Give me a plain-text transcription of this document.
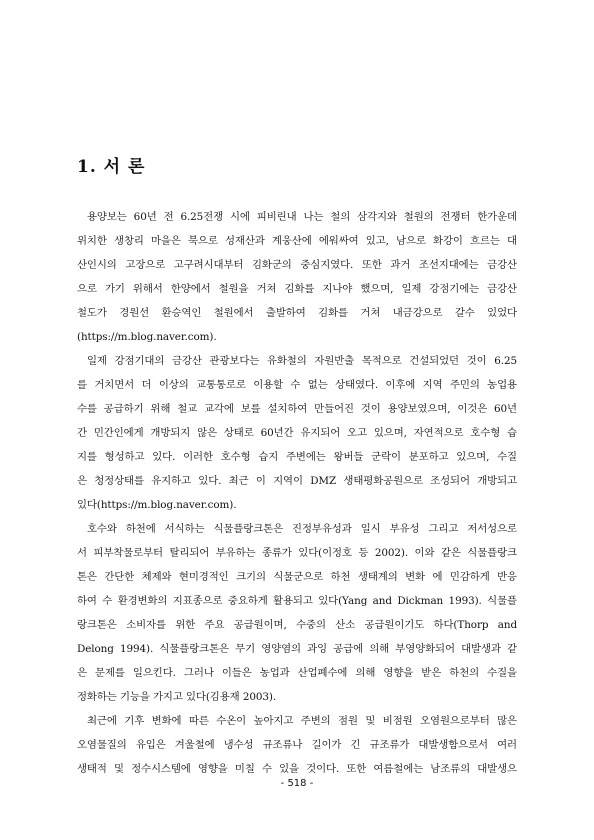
1. 서 론
용양보는 60년 전 6.25전쟁 시에 피비린내 나는 철의 삼각지와 철원의 전쟁터 한가운데
위치한 생창리 마을은 북으로 성재산과 계웅산에 에워싸여 있고, 남으로 화강이 흐르는 대
산인시의 고장으로 고구려시대부터 김화군의 중심지였다. 또한 과거 조선지대에는 금강산
으로 가기 위해서 한양에서 철원을 거쳐 김화를 지나야 했으며, 일제 강점기에는 금강산
철도가 경원선 환승역인 철원에서 출발하여 김화를 거쳐 내금강으로 갈수 있었다
(https://m.blog.naver.com).
일제 강점기대의 금강산 관광보다는 유화철의 자원반출 목적으로 건설되었던 것이 6.25
를 거치면서 더 이상의 교통통로로 이용할 수 없는 상태였다. 이후에 지역 주민의 농업용
수를 공급하기 위해 철교 교각에 보를 설치하여 만들어진 것이 용양보였으며, 이것은 60년
간 민간인에게 개방되지 않은 상태로 60년간 유지되어 오고 있으며, 자연적으로 호수형 습
지를 형성하고 있다. 이러한 호수형 습지 주변에는 왕버들 군락이 분포하고 있으며, 수질
은 청정상태를 유지하고 있다. 최근 이 지역이 DMZ 생태평화공원으로 조성되어 개방되고
있다(https://m.blog.naver.com).
호수와 하천에 서식하는 식물플랑크톤은 진정부유성과 일시 부유성 그리고 저서성으로
서 피부착물로부터 탈리되어 부유하는 종류가 있다(이정호 등 2002). 이와 같은 식물플랑크
톤은 간단한 체제와 현미경적인 크기의 식물군으로 하천 생태계의 변화 에 민감하게 반응
하여 수 환경변화의 지표종으로 중요하게 활용되고 있다(Yang and Dickman 1993). 식물플
랑크톤은 소비자를 위한 주요 공급원이며, 수중의 산소 공급원이기도 하다(Thorp and
Delong 1994). 식물플랑크톤은 무기 영양염의 과잉 공급에 의해 부영양화되어 대발생과 같
은 문제를 일으킨다. 그러나 이들은 농업과 산업폐수에 의해 영향을 받은 하천의 수질을
정화하는 기능을 가지고 있다(김용재 2003).
최근에 기후 변화에 따른 수온이 높아지고 주변의 점원 및 비점원 오염원으로부터 많은
오염물질의 유입은 겨울철에 냉수성 규조류나 길이가 긴 규조류가 대발생함으로서 여러
생태적 및 정수시스템에 영향을 미칠 수 있을 것이다. 또한 여름철에는 남조류의 대발생으
- 518 -
